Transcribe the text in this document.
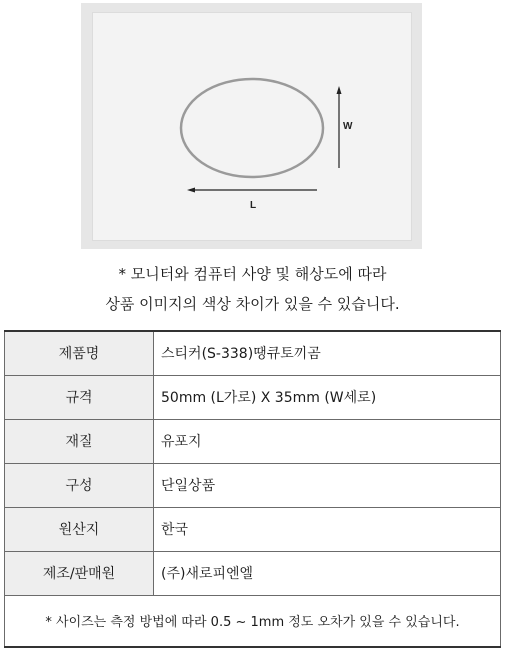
W
L
* 모니터와 컴퓨터 사양 및 해상도에 따라
상품 이미지의 색상 차이가 있을 수 있습니다.
제품명	스티커(S-338)땡큐토끼곰
규격	50mm (L가로) X 35mm (W세로)
재질	유포지
구성	단일상품
원산지	한국
제조/판매원	(주)새로피엔엘
* 사이즈는 측정 방법에 따라 0.5 ~ 1mm 정도 오차가 있을 수 있습니다.	
